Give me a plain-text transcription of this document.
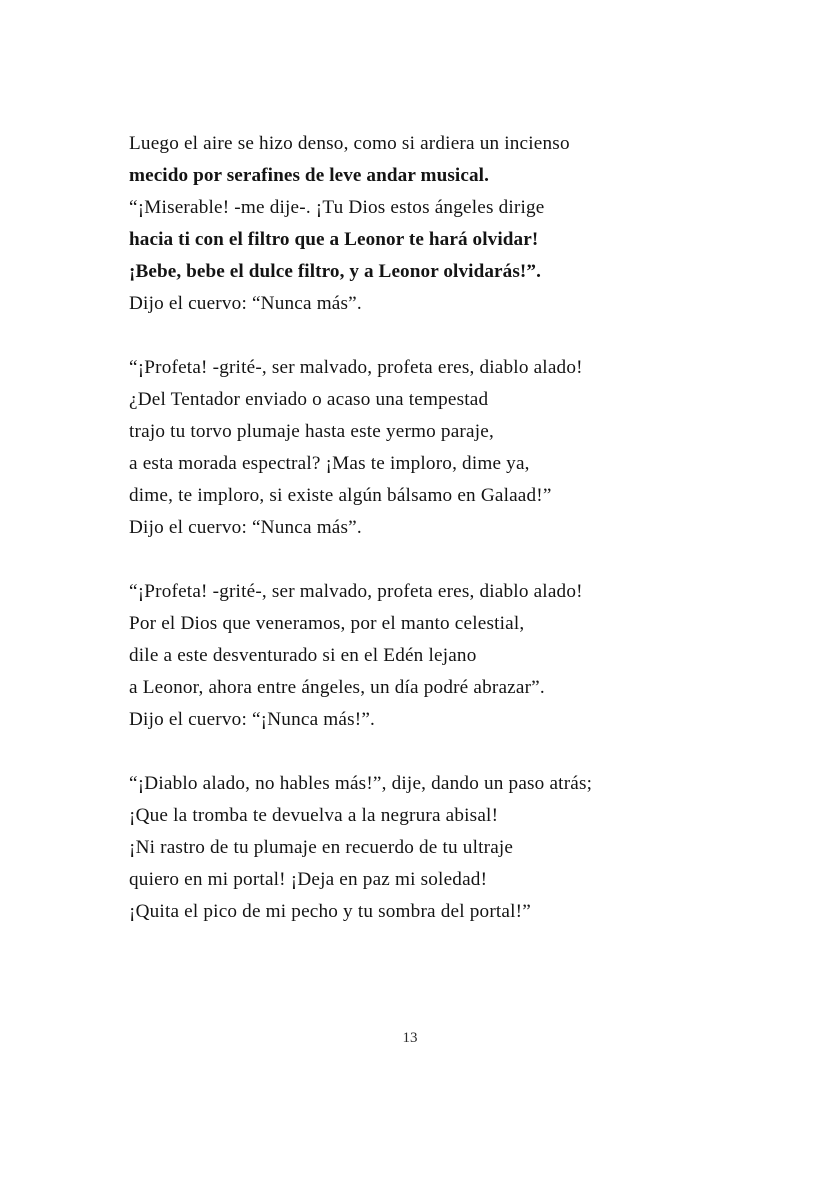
Luego el aire se hizo denso, como si ardiera un incienso
mecido por serafines de leve andar musical.
“¡Miserable! -me dije-. ¡Tu Dios estos ángeles dirige
hacia ti con el filtro que a Leonor te hará olvidar!
¡Bebe, bebe el dulce filtro, y a Leonor olvidarás!”.
Dijo el cuervo: “Nunca más”.
“¡Profeta! -grité-, ser malvado, profeta eres, diablo alado!
¿Del Tentador enviado o acaso una tempestad
trajo tu torvo plumaje hasta este yermo paraje,
a esta morada espectral? ¡Mas te imploro, dime ya,
dime, te imploro, si existe algún bálsamo en Galaad!”
Dijo el cuervo: “Nunca más”.
“¡Profeta! -grité-, ser malvado, profeta eres, diablo alado!
Por el Dios que veneramos, por el manto celestial,
dile a este desventurado si en el Edén lejano
a Leonor, ahora entre ángeles, un día podré abrazar”.
Dijo el cuervo: “¡Nunca más!”.
“¡Diablo alado, no hables más!”, dije, dando un paso atrás;
¡Que la tromba te devuelva a la negrura abisal!
¡Ni rastro de tu plumaje en recuerdo de tu ultraje
quiero en mi portal! ¡Deja en paz mi soledad!
¡Quita el pico de mi pecho y tu sombra del portal!”
13
